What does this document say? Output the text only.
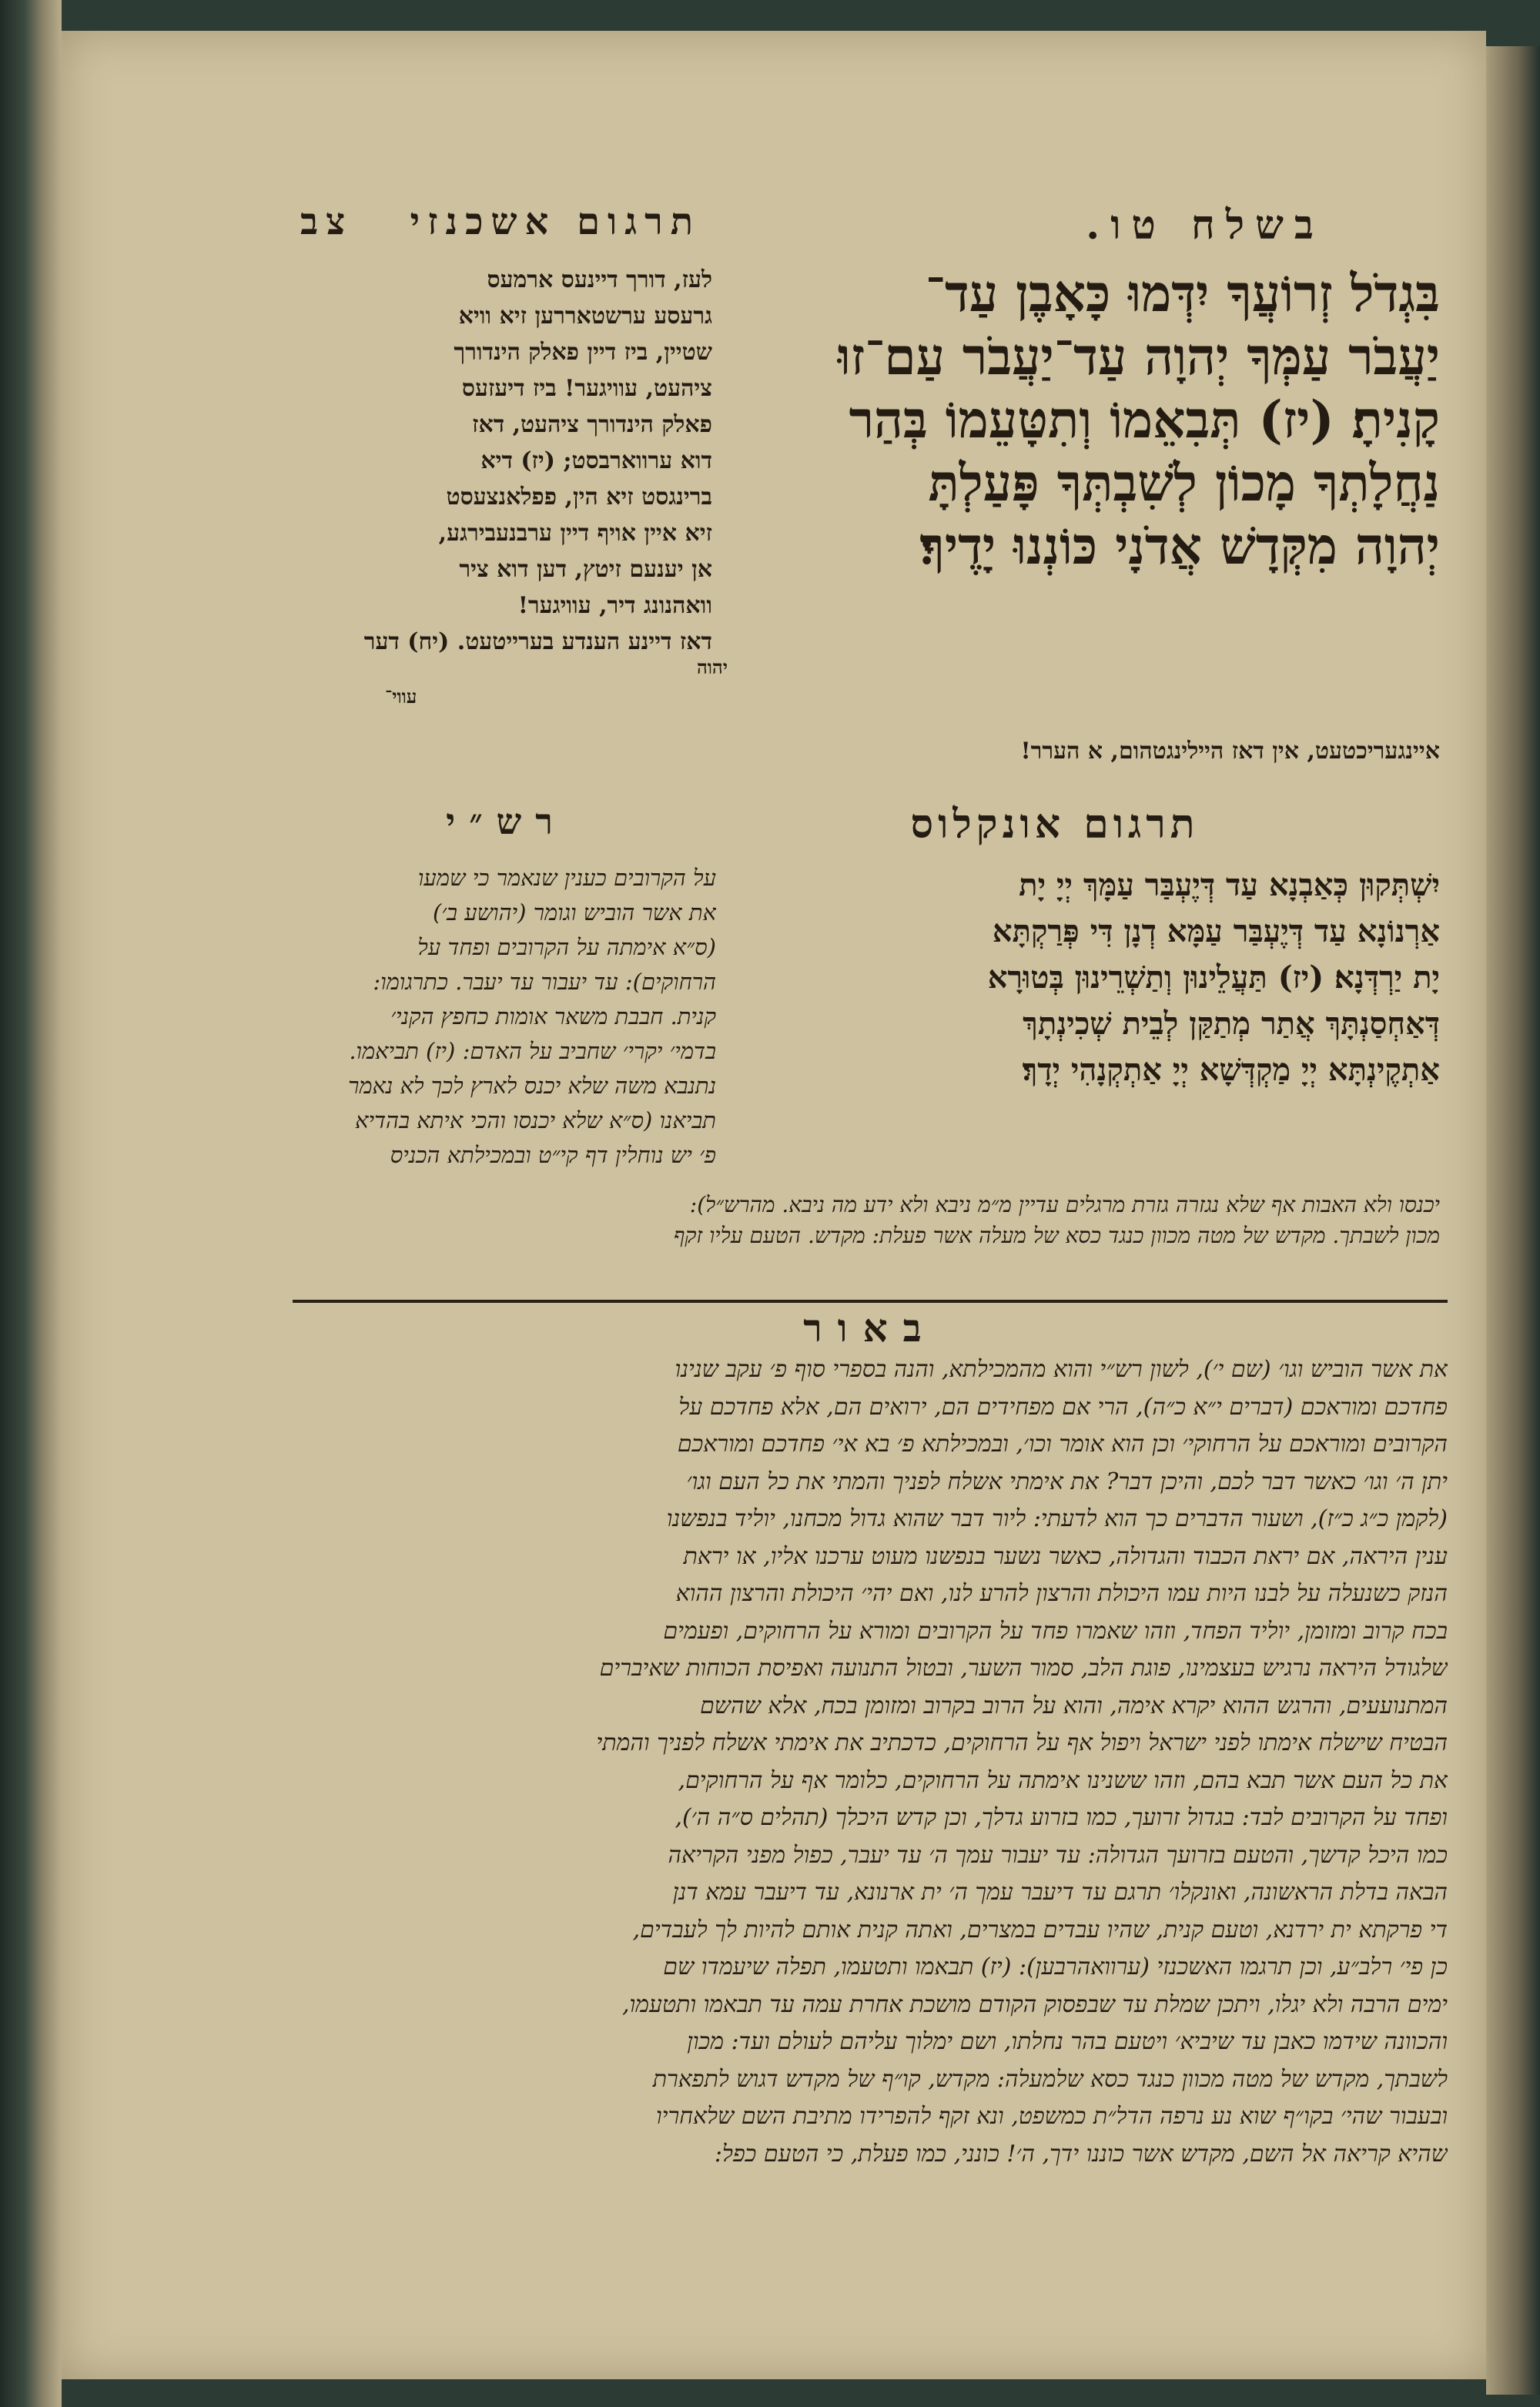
בשלח טו.
צב תרגום אשכנזי
בִּגְדֹל זְרוֹעֲךָ יִדְּמוּ כָּאָבֶן עַד־
יַעֲבֹר עַמְּךָ יְהוָה עַד־יַעֲבֹר עַם־זוּ
קָנִיתָ׃ (יז) תְּבִאֵמוֹ וְתִטָּעֵמוֹ בְּהַר
נַחֲלָתְךָ מָכוֹן לְשִׁבְתְּךָ פָּעַלְתָּ
יְהוָה מִקְּדָשׁ אֲדֹנָי כּוֹנְנוּ יָדֶיךָ׃
יהוה
לעז, דורך דיינעס ארמעס
גרעסע ערשטאררען זיא וויא
שטיין, ביז דיין פאלק הינדורך
ציהעט, עוויגער! ביז דיעזעס
פאלק הינדורך ציהעט, דאז
דוא ערווארבסט; (יז) דיא
ברינגסט זיא הין, פפלאנצעסט
זיא איין אויף דיין ערבנעבירגע,
אן יענעם זיטץ, דען דוא ציר
וואהנונג דיר, עוויגער!
דאז דיינע הענדע בערייטעט. (יח) דער
עווי־
איינגעריכטעט, אין דאז היילינגטהום, א הערר!
תרגום אונקלוס
יִשְׁתְּקוּן כְּאַבְנָא עַד דְּיֶעְבַּר עַמָּךְ יְיָ יָת
אַרְנוֹנָא עַד דְּיֶעְבַּר עַמָּא דְנָן דִּי פְּרַקְתָּא
יָת יַרְדְּנָא׃ (יז) תַּעֲלֵינוּן וְתַשְׁרֵינוּן בְּטוּרָא
דְּאַחְסַנְתָּךְ אֲתַר מְתַקַּן לְבֵית שְׁכִינְתָךְ
אַתְקֶינְתָּא יְיָ מַקְדְּשָׁא יְיָ אַתְקְנָהִי יְדָךְ׃
רש״י
על הקרובים כענין שנאמר כי שמעו
את אשר הוביש וגומר (יהושע ב׳)
(ס״א אימתה על הקרובים ופחד על
הרחוקים): עד יעבור עד יעבר. כתרגומו:
קנית. חבבת משאר אומות כחפץ הקני׳
בדמי׳ יקרי׳ שחביב על האדם: (יז) תביאמו.
נתנבא משה שלא יכנס לארץ לכך לא נאמר
תביאנו (ס״א שלא יכנסו והכי איתא בהדיא
פ׳ יש נוחלין דף קי״ט ובמכילתא הכניס
יכנסו ולא האבות אף שלא נגזרה גזרת מרגלים עדיין מ״מ ניבא ולא ידע מה ניבא. מהרש״ל):
מכון לשבתך. מקדש של מטה מכוון כנגד כסא של מעלה אשר פעלת: מקדש. הטעם עליו זקף
באור
את אשר הוביש וגו׳ (שם י׳), לשון רש״י והוא מהמכילתא, והנה בספרי סוף פ׳ עקב שנינו
פחדכם ומוראכם (דברים י״א כ״ה), הרי אם מפחידים הם, ירואים הם, אלא פחדכם על
הקרובים ומוראכם על הרחוקי׳ וכן הוא אומר וכו׳, ובמכילתא פ׳ בא אי׳ פחדכם ומוראכם
יתן ה׳ וגו׳ כאשר דבר לכם, והיכן דבר? את אימתי אשלח לפניך והמתי את כל העם וגו׳
(לקמן כ״ג כ״ז), ושעור הדברים כך הוא לדעתי: ליור דבר שהוא גדול מכחנו, יוליד בנפשנו
ענין היראה, אם יראת הכבוד והגדולה, כאשר נשער בנפשנו מעוט ערכנו אליו, או יראת
הנזק כשנעלה על לבנו היות עמו היכולת והרצון להרע לנו, ואם יהי׳ היכולת והרצון ההוא
בכח קרוב ומזומן, יוליד הפחד, וזהו שאמרו פחד על הקרובים ומורא על הרחוקים, ופעמים
שלגודל היראה נרגיש בעצמינו, פוגת הלב, סמור השער, ובטול התנועה ואפיסת הכוחות שאיברים
המתנועעים, והרגש ההוא יקרא אימה, והוא על הרוב בקרוב ומזומן בכח, אלא שהשם
הבטיח שישלח אימתו לפני ישראל ויפול אף על הרחוקים, כדכתיב את אימתי אשלח לפניך והמתי
את כל העם אשר תבא בהם, וזהו ששנינו אימתה על הרחוקים, כלומר אף על הרחוקים,
ופחד על הקרובים לבד: בגדול זרועך, כמו בזרוע גדלך, וכן קדש היכלך (תהלים ס״ה ה׳),
כמו היכל קדשך, והטעם בזרועך הגדולה: עד יעבור עמך ה׳ עד יעבר, כפול מפני הקריאה
הבאה בדלת הראשונה, ואונקלו׳ תרגם עד דיעבר עמך ה׳ ית ארנונא, עד דיעבר עמא דנן
די פרקתא ית ירדנא, וטעם קנית, שהיו עבדים במצרים, ואתה קנית אותם להיות לך לעבדים,
כן פי׳ רלב״ע, וכן תרגמו האשכנזי (ערוואהרבען): (יז) תבאמו ותטעמו, תפלה שיעמדו שם
ימים הרבה ולא יגלו, ויתכן שמלת עד שבפסוק הקודם מושכת אחרת עמה עד תבאמו ותטעמו,
והכוונה שידמו כאבן עד שיביא׳ ויטעם בהר נחלתו, ושם ימלוך עליהם לעולם ועד: מכון
לשבתך, מקדש של מטה מכוון כנגד כסא שלמעלה: מקדש, קו״ף של מקדש דגוש לתפארת
ובעבור שהי׳ בקו״ף שוא נע נרפה הדל״ת כמשפט, ונא זקף להפרידו מתיבת השם שלאחריו
שהיא קריאה אל השם, מקדש אשר כוננו ידך, ה׳! כונני, כמו פעלת, כי הטעם כפל:
